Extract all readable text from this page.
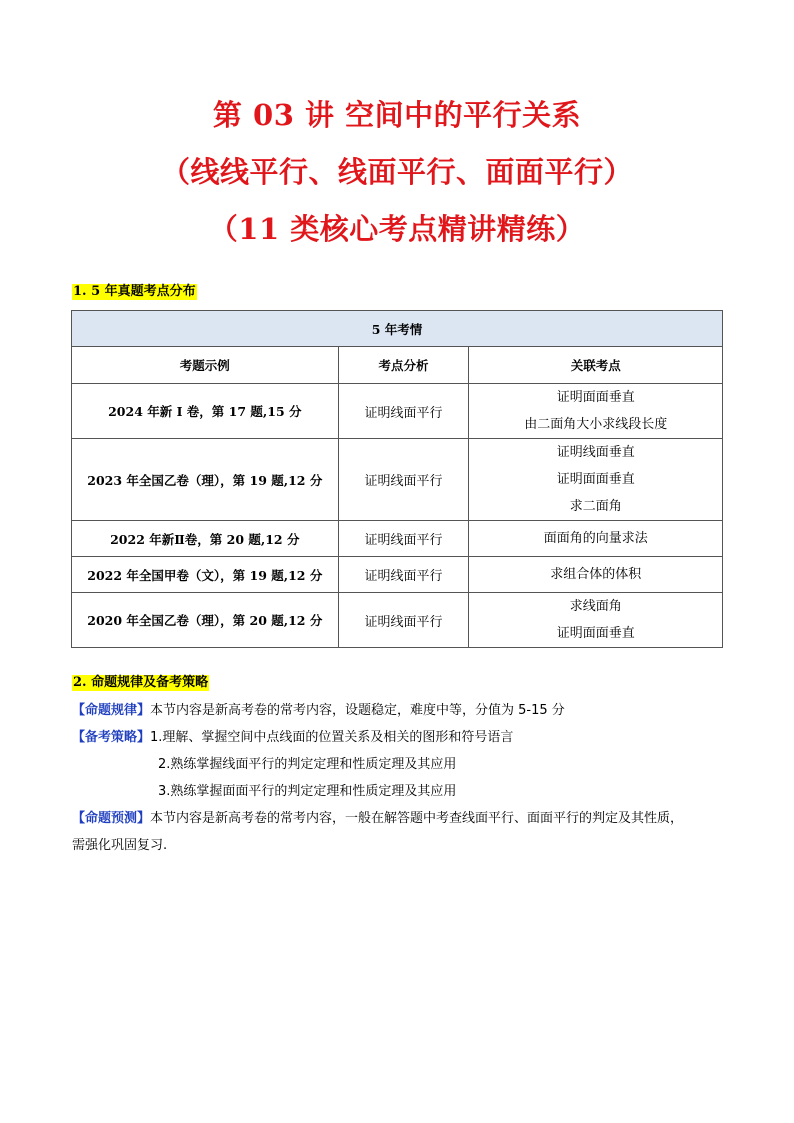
第 03 讲 空间中的平行关系
（线线平行、线面平行、面面平行）
（11 类核心考点精讲精练）
1. 5 年真题考点分布
5 年考情		
考题示例	考点分析	关联考点
2024 年新 I 卷，第 17 题,15 分	证明线面平行	证明面面垂直
由二面角大小求线段长度

2023 年全国乙卷（理），第 19 题,12 分	证明线面平行	证明线面垂直
证明面面垂直
求二面角

2022 年新Ⅱ卷，第 20 题,12 分	证明线面平行	面面角的向量求法

2022 年全国甲卷（文），第 19 题,12 分	证明线面平行	求组合体的体积

2020 年全国乙卷（理），第 20 题,12 分	证明线面平行	求线面角
证明面面垂直
2. 命题规律及备考策略
【命题规律】本节内容是新高考卷的常考内容，设题稳定，难度中等，分值为 5-15 分
【备考策略】1.理解、掌握空间中点线面的位置关系及相关的图形和符号语言
2.熟练掌握线面平行的判定定理和性质定理及其应用
3.熟练掌握面面平行的判定定理和性质定理及其应用
【命题预测】本节内容是新高考卷的常考内容，一般在解答题中考查线面平行、面面平行的判定及其性质，
需强化巩固复习.
